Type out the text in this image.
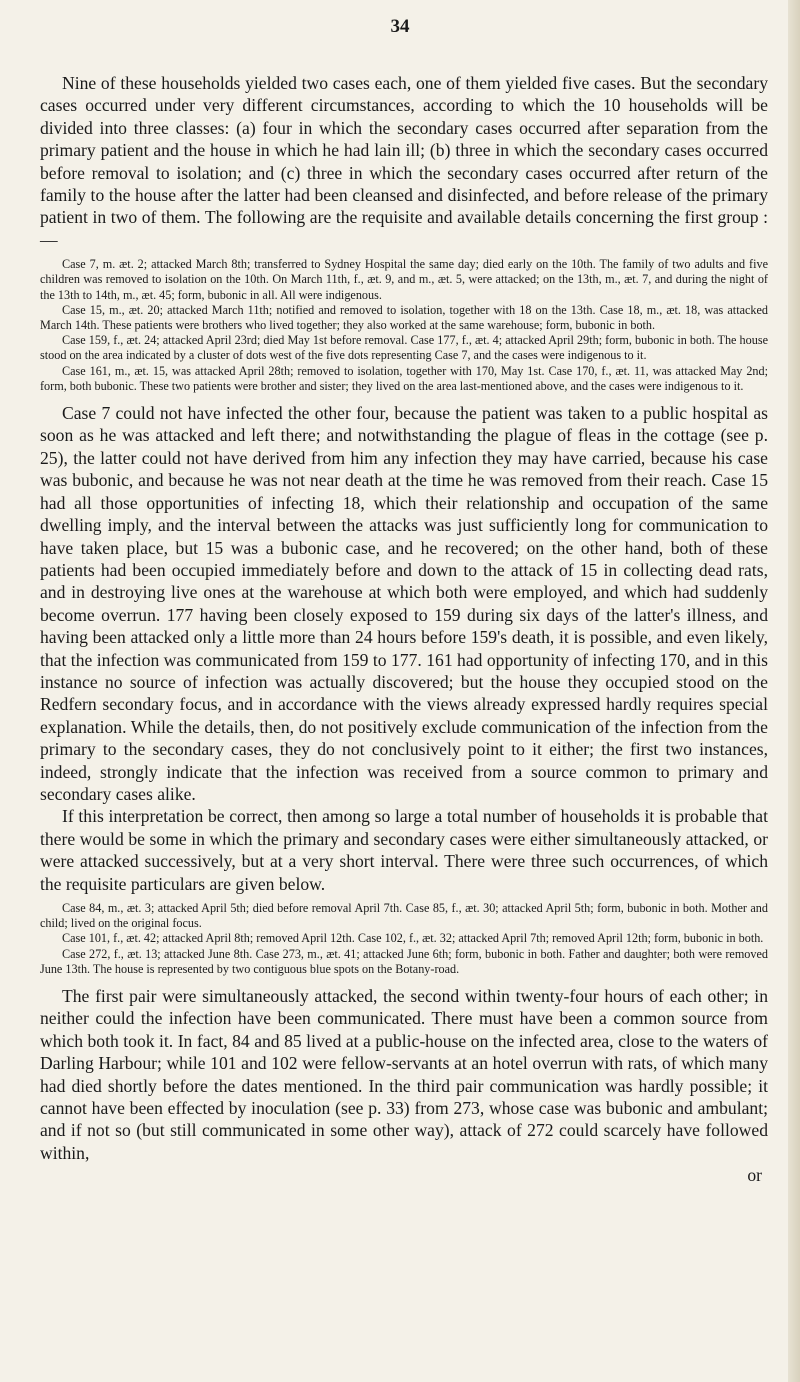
34

Nine of these households yielded two cases each, one of them yielded five cases. But the secondary cases occurred under very different circumstances, according to which the 10 households will be divided into three classes: (a) four in which the secondary cases occurred after separation from the primary patient and the house in which he had lain ill; (b) three in which the secondary cases occurred before removal to isolation; and (c) three in which the secondary cases occurred after return of the family to the house after the latter had been cleansed and disinfected, and before release of the primary patient in two of them. The following are the requisite and available details concerning the first group :—

Case 7, m. æt. 2; attacked March 8th; transferred to Sydney Hospital the same day; died early on the 10th. The family of two adults and five children was removed to isolation on the 10th. On March 11th, f., æt. 9, and m., æt. 5, were attacked; on the 13th, m., æt. 7, and during the night of the 13th to 14th, m., æt. 45; form, bubonic in all. All were indigenous.

Case 15, m., æt. 20; attacked March 11th; notified and removed to isolation, together with 18 on the 13th. Case 18, m., æt. 18, was attacked March 14th. These patients were brothers who lived together; they also worked at the same warehouse; form, bubonic in both.

Case 159, f., æt. 24; attacked April 23rd; died May 1st before removal. Case 177, f., æt. 4; attacked April 29th; form, bubonic in both. The house stood on the area indicated by a cluster of dots west of the five dots representing Case 7, and the cases were indigenous to it.

Case 161, m., æt. 15, was attacked April 28th; removed to isolation, together with 170, May 1st. Case 170, f., æt. 11, was attacked May 2nd; form, both bubonic. These two patients were brother and sister; they lived on the area last-mentioned above, and the cases were indigenous to it.

Case 7 could not have infected the other four, because the patient was taken to a public hospital as soon as he was attacked and left there; and notwithstanding the plague of fleas in the cottage (see p. 25), the latter could not have derived from him any infection they may have carried, because his case was bubonic, and because he was not near death at the time he was removed from their reach. Case 15 had all those opportunities of infecting 18, which their relationship and occupation of the same dwelling imply, and the interval between the attacks was just sufficiently long for communication to have taken place, but 15 was a bubonic case, and he recovered; on the other hand, both of these patients had been occupied immediately before and down to the attack of 15 in collecting dead rats, and in destroying live ones at the warehouse at which both were employed, and which had suddenly become overrun. 177 having been closely exposed to 159 during six days of the latter's illness, and having been attacked only a little more than 24 hours before 159's death, it is possible, and even likely, that the infection was communicated from 159 to 177. 161 had opportunity of infecting 170, and in this instance no source of infection was actually discovered; but the house they occupied stood on the Redfern secondary focus, and in accordance with the views already expressed hardly requires special explanation. While the details, then, do not positively exclude communication of the infection from the primary to the secondary cases, they do not conclusively point to it either; the first two instances, indeed, strongly indicate that the infection was received from a source common to primary and secondary cases alike.

If this interpretation be correct, then among so large a total number of households it is probable that there would be some in which the primary and secondary cases were either simultaneously attacked, or were attacked successively, but at a very short interval. There were three such occurrences, of which the requisite particulars are given below.

Case 84, m., æt. 3; attacked April 5th; died before removal April 7th. Case 85, f., æt. 30; attacked April 5th; form, bubonic in both. Mother and child; lived on the original focus.

Case 101, f., æt. 42; attacked April 8th; removed April 12th. Case 102, f., æt. 32; attacked April 7th; removed April 12th; form, bubonic in both.

Case 272, f., æt. 13; attacked June 8th. Case 273, m., æt. 41; attacked June 6th; form, bubonic in both. Father and daughter; both were removed June 13th. The house is represented by two contiguous blue spots on the Botany-road.

The first pair were simultaneously attacked, the second within twenty-four hours of each other; in neither could the infection have been communicated. There must have been a common source from which both took it. In fact, 84 and 85 lived at a public-house on the infected area, close to the waters of Darling Harbour; while 101 and 102 were fellow-servants at an hotel overrun with rats, of which many had died shortly before the dates mentioned. In the third pair communication was hardly possible; it cannot have been effected by inoculation (see p. 33) from 273, whose case was bubonic and ambulant; and if not so (but still communicated in some other way), attack of 272 could scarcely have followed within,

or
